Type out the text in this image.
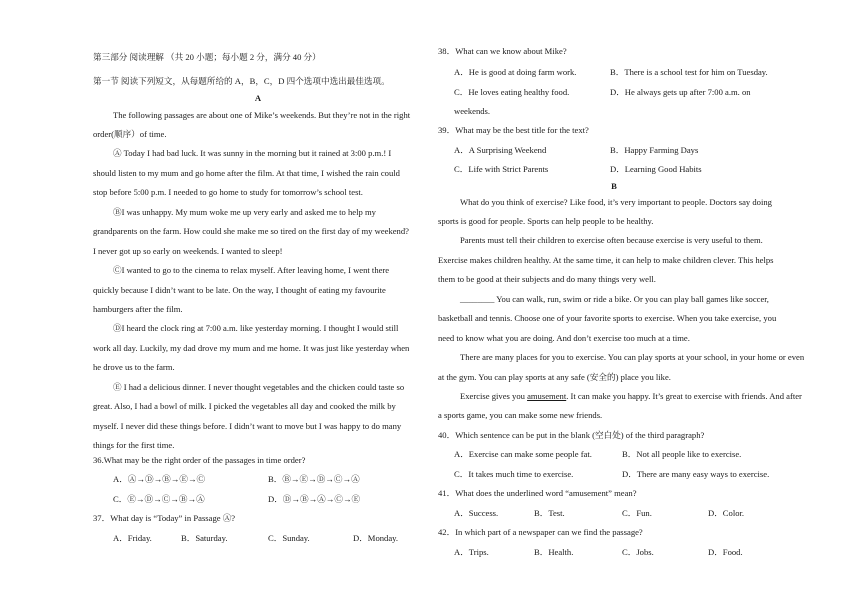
第三部分 阅读理解 （共 20 小题；每小题 2 分，满分 40 分）
第一节 阅读下列短文，从每题所给的 A，B，C，D 四个选项中选出最佳选项。
A
The following passages are about one of Mike’s weekends. But they’re not in the right
order(顺序）of time.
Ⓐ Today I had bad luck. It was sunny in the morning but it rained at 3:00 p.m.! I
should listen to my mum and go home after the film. At that time, I wished the rain could
stop before 5:00 p.m. I needed to go home to study for tomorrow’s school test.
ⒷI was unhappy. My mum woke me up very early and asked me to help my
grandparents on the farm. How could she make me so tired on the first day of my weekend?
I never got up so early on weekends. I wanted to sleep!
ⒸI wanted to go to the cinema to relax myself. After leaving home, I went there
quickly because I didn’t want to be late. On the way, I thought of eating my favourite
hamburgers after the film.
ⒹI heard the clock ring at 7:00 a.m. like yesterday morning. I thought I would still
work all day. Luckily, my dad drove my mum and me home. It was just like yesterday when
he drove us to the farm.
Ⓔ I had a delicious dinner. I never thought vegetables and the chicken could taste so
great. Also, I had a bowl of milk. I picked the vegetables all day and cooked the milk by
myself. I never did these things before. I didn’t want to move but I was happy to do many
things for the first time.
36.What may be the right order of the passages in time order?
A．Ⓐ→Ⓓ→Ⓑ→Ⓔ→Ⓒ	B．Ⓑ→Ⓔ→Ⓓ→Ⓒ→Ⓐ
C．Ⓔ→Ⓓ→Ⓒ→Ⓑ→Ⓐ	D．Ⓓ→Ⓑ→Ⓐ→Ⓒ→Ⓔ
37．What day is “Today” in Passage Ⓐ?
A．Friday.	B．Saturday.	C．Sunday.	D．Monday.
38．What can we know about Mike?
A．He is good at doing farm work.	B．There is a school test for him on Tuesday.
C．He loves eating healthy food.	D．He always gets up after 7:00 a.m. on
weekends.
39．What may be the best title for the text?
A．A Surprising Weekend	B．Happy Farming Days
C．Life with Strict Parents	D．Learning Good Habits
B
What do you think of exercise? Like food, it’s very important to people. Doctors say doing
sports is good for people. Sports can help people to be healthy.
Parents must tell their children to exercise often because exercise is very useful to them.
Exercise makes children healthy. At the same time, it can help to make children clever. This helps
them to be good at their subjects and do many things very well.
________ You can walk, run, swim or ride a bike. Or you can play ball games like soccer,
basketball and tennis. Choose one of your favorite sports to exercise. When you take exercise, you
need to know what you are doing. And don’t exercise too much at a time.
There are many places for you to exercise. You can play sports at your school, in your home or even
at the gym. You can play sports at any safe (安全的) place you like.
Exercise gives you amusement. It can make you happy. It’s great to exercise with friends. And after
a sports game, you can make some new friends.
40．Which sentence can be put in the blank (空白处) of the third paragraph?
A．Exercise can make some people fat.	B．Not all people like to exercise.
C．It takes much time to exercise.	D．There are many easy ways to exercise.
41．What does the underlined word “amusement” mean?
A．Success.	B．Test.	C．Fun.	D．Color.
42．In which part of a newspaper can we find the passage?
A．Trips.	B．Health.	C．Jobs.	D．Food.
